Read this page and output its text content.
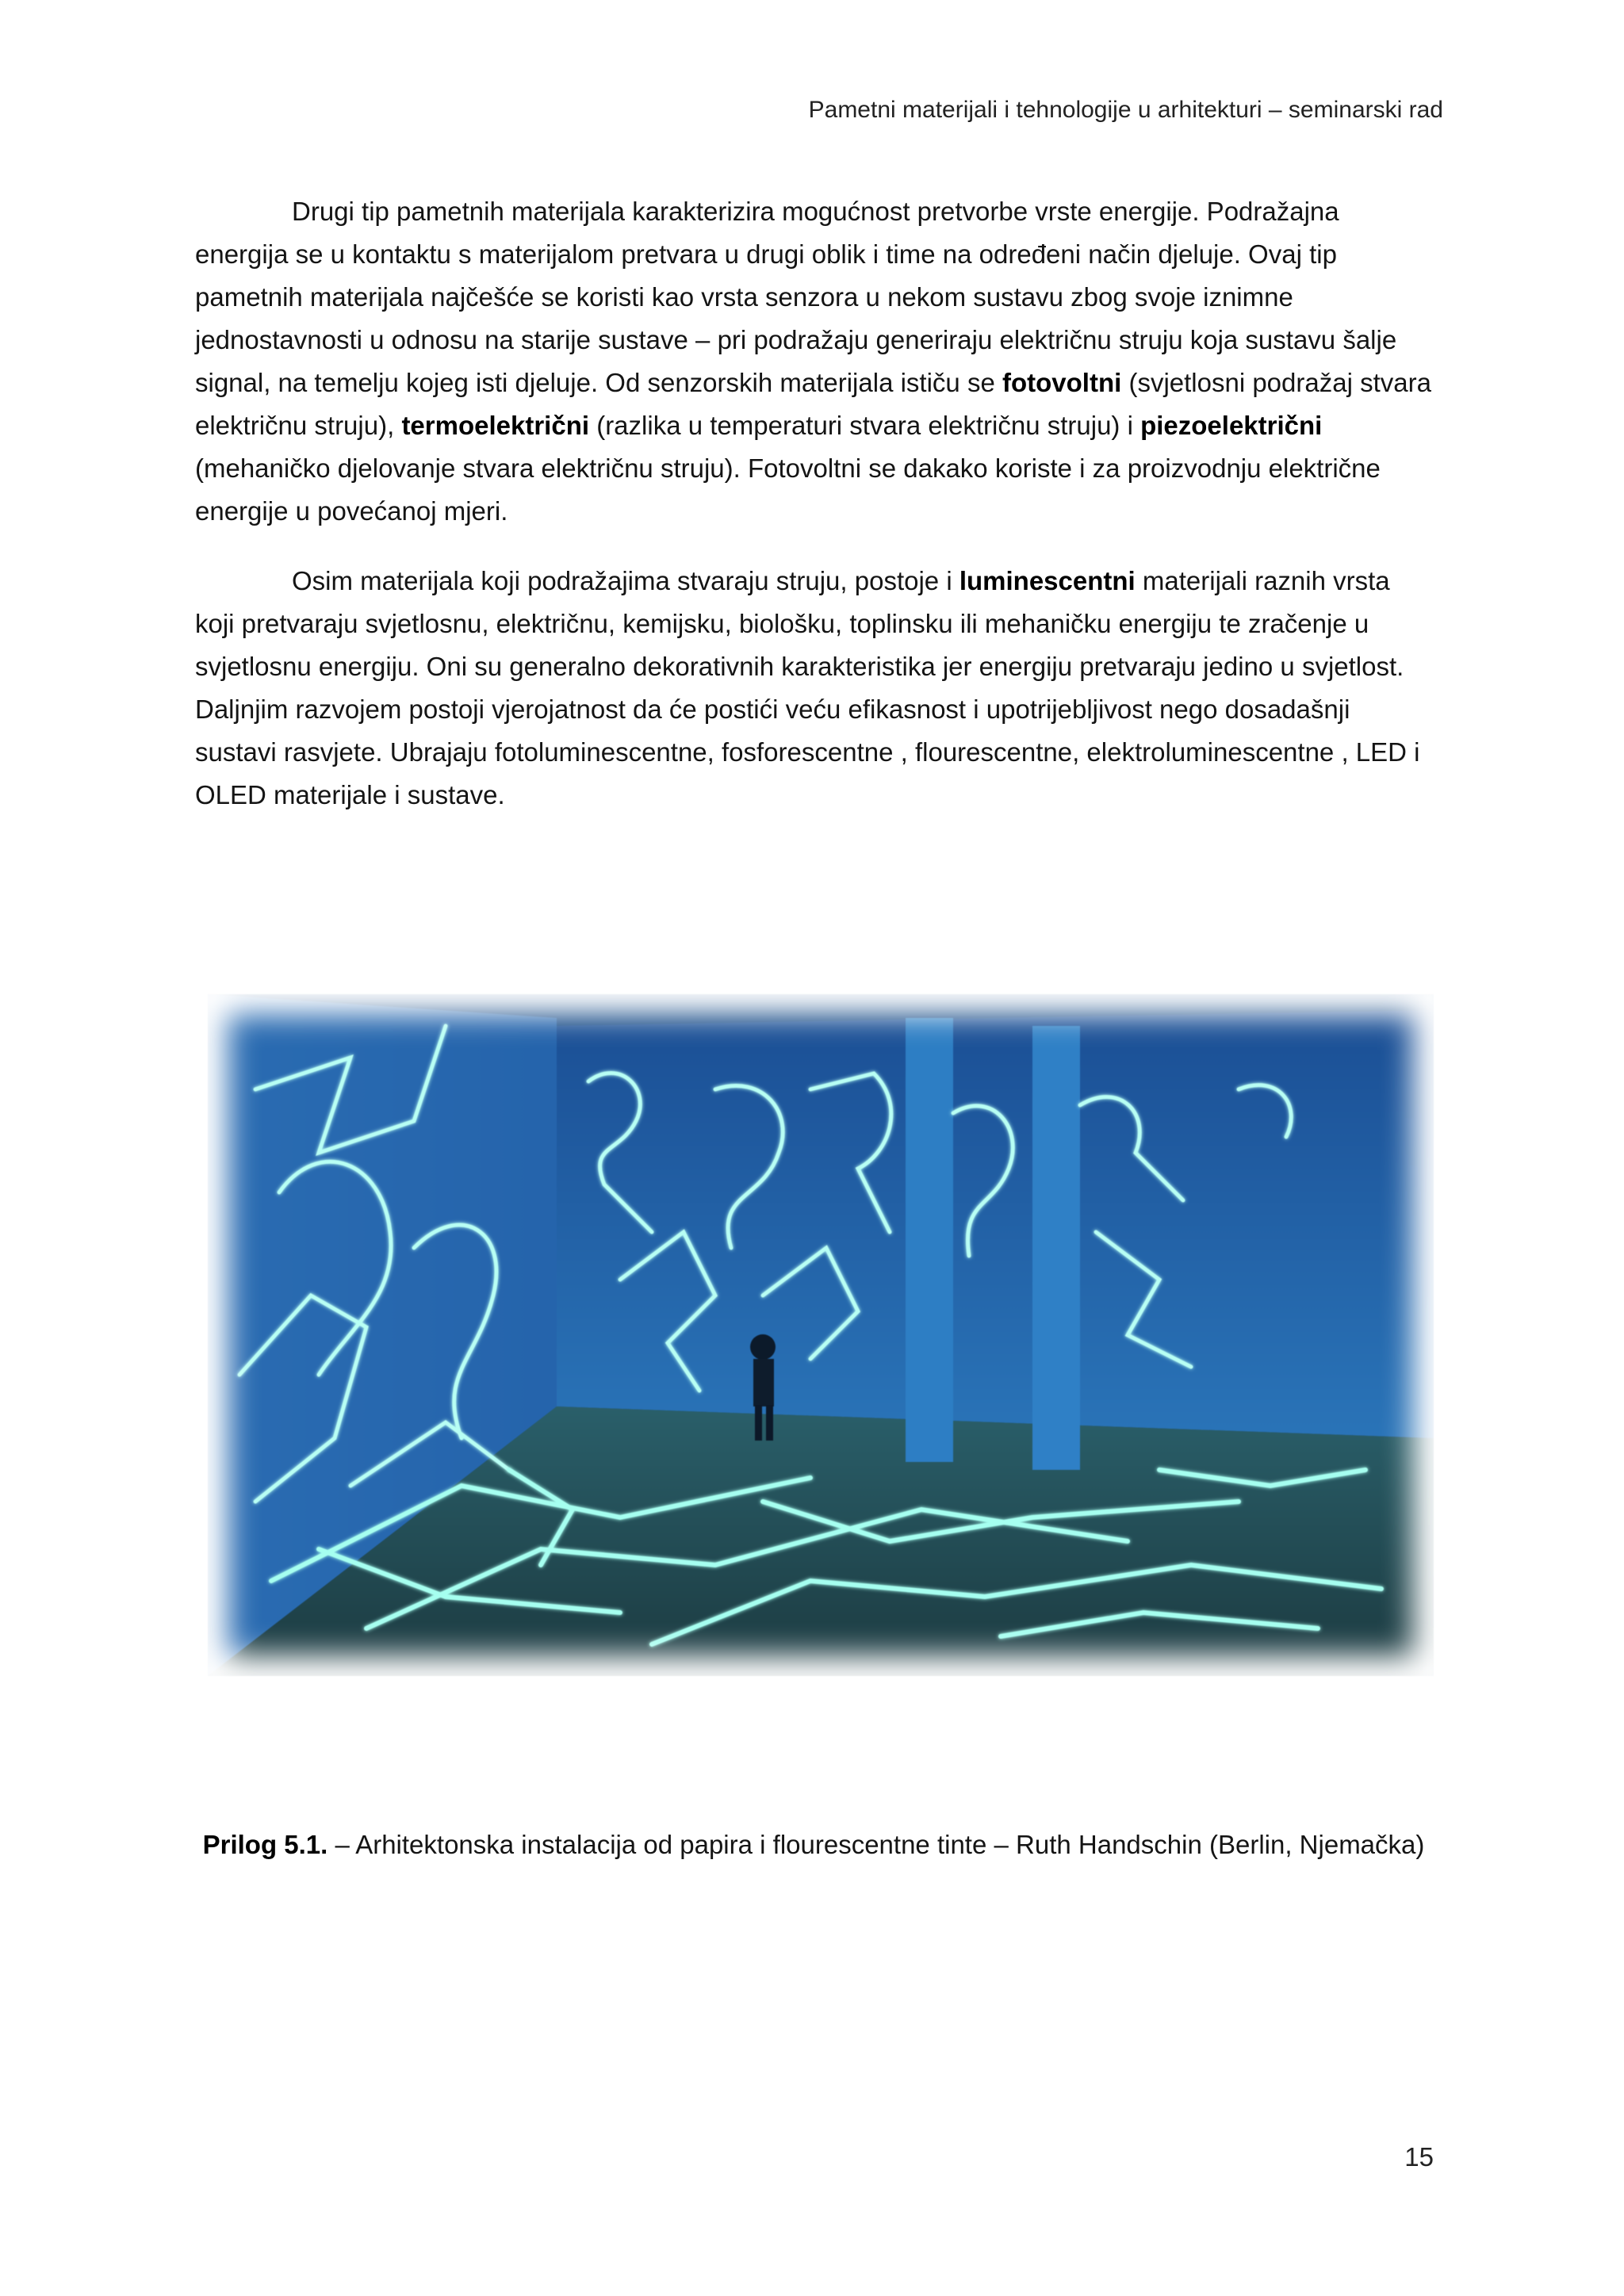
Pametni materijali i tehnologije u arhitekturi – seminarski rad

Drugi tip pametnih materijala karakterizira mogućnost pretvorbe vrste energije. Podražajna energija se u kontaktu s materijalom pretvara u drugi oblik i time na određeni način djeluje. Ovaj tip pametnih materijala najčešće se koristi kao vrsta senzora u nekom sustavu zbog svoje iznimne jednostavnosti u odnosu na starije sustave – pri podražaju generiraju električnu struju koja sustavu šalje signal, na temelju kojeg isti djeluje. Od senzorskih materijala ističu se fotovoltni (svjetlosni podražaj stvara električnu struju), termoelektrični (razlika u temperaturi stvara električnu struju) i piezoelektrični (mehaničko djelovanje stvara električnu struju). Fotovoltni se dakako koriste i za proizvodnju električne energije u povećanoj mjeri.

Osim materijala koji podražajima stvaraju struju, postoje i luminescentni materijali raznih vrsta koji pretvaraju svjetlosnu, električnu, kemijsku, biološku, toplinsku ili mehaničku energiju te zračenje u svjetlosnu energiju. Oni su generalno dekorativnih karakteristika jer energiju pretvaraju jedino u svjetlost. Daljnjim razvojem postoji vjerojatnost da će postići veću efikasnost i upotrijebljivost nego dosadašnji sustavi rasvjete. Ubrajaju fotoluminescentne, fosforescentne , flourescentne, elektroluminescentne , LED i OLED materijale i sustave.

Prilog 5.1. – Arhitektonska instalacija od papira i flourescentne tinte – Ruth Handschin (Berlin, Njemačka)
15
